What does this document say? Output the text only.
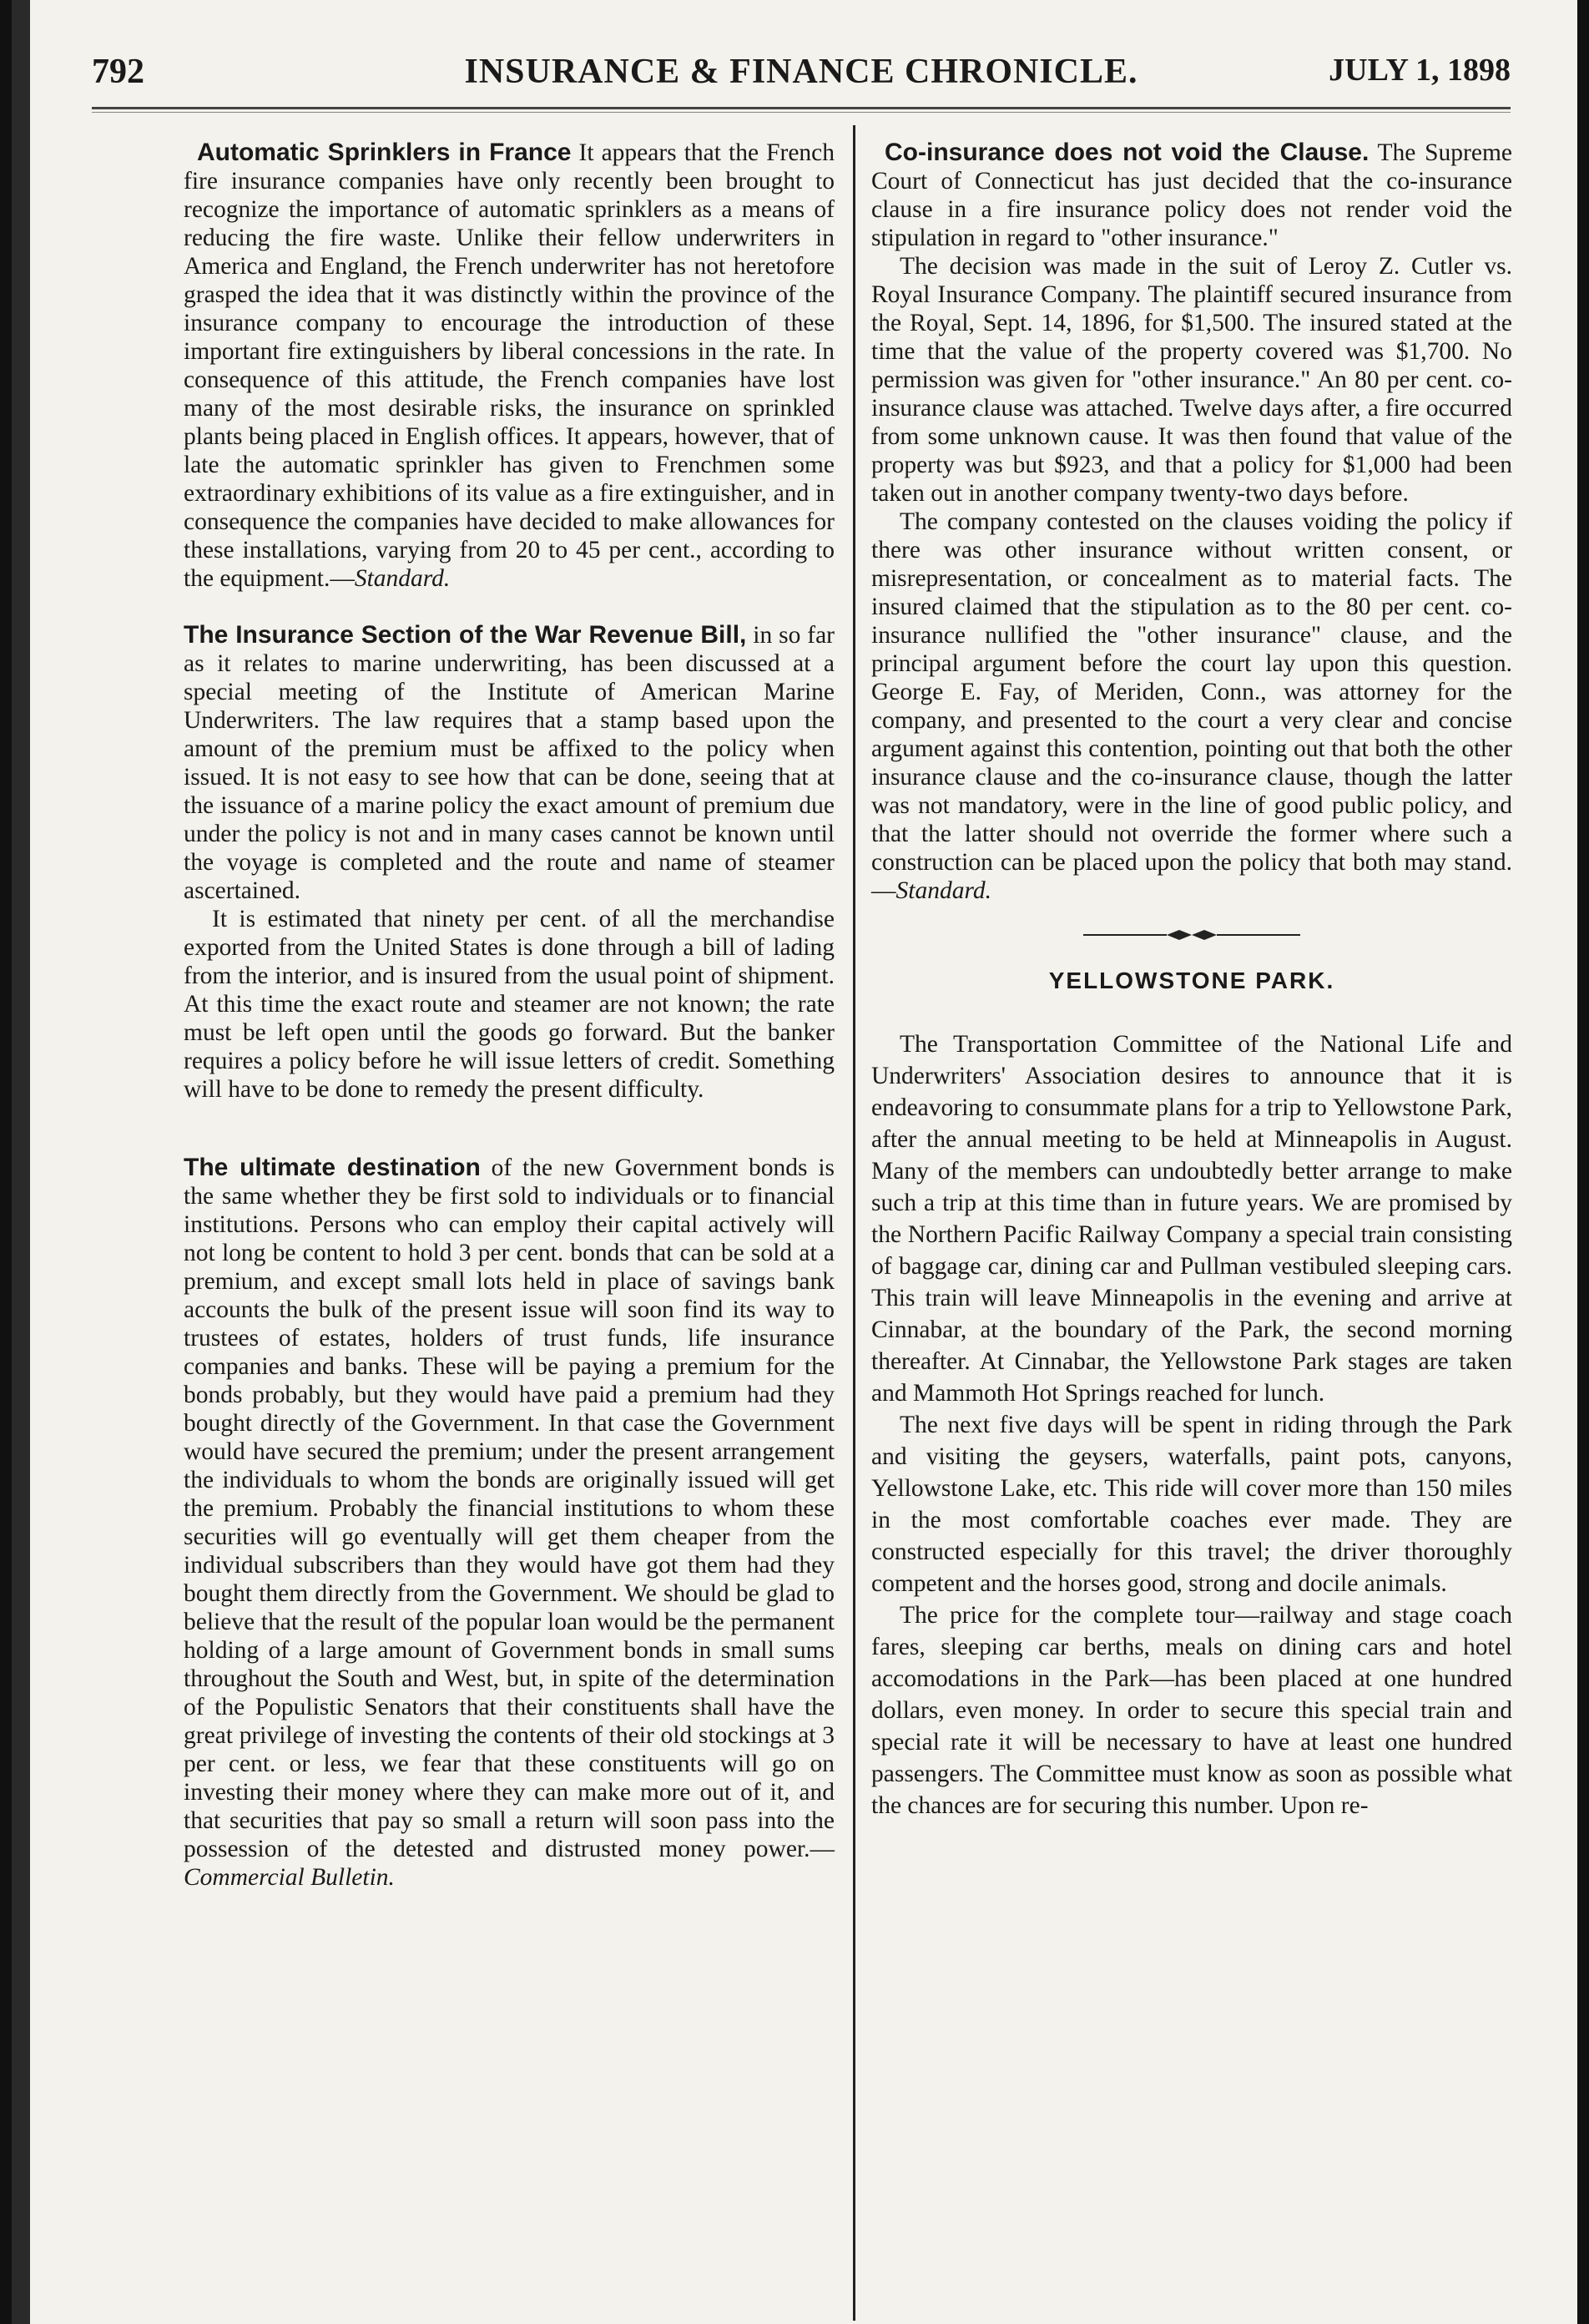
792	INSURANCE & FINANCE CHRONICLE.	JULY 1, 1898

Automatic Sprinklers in France It appears that the French fire insurance companies have only recently been brought to recognize the importance of automatic sprinklers as a means of reducing the fire waste. Unlike their fellow underwriters in America and England, the French underwriter has not heretofore grasped the idea that it was distinctly within the province of the insurance company to encourage the introduction of these important fire extinguishers by liberal concessions in the rate. In consequence of this attitude, the French companies have lost many of the most desirable risks, the insurance on sprinkled plants being placed in English offices. It appears, however, that of late the automatic sprinkler has given to Frenchmen some extraordinary exhibitions of its value as a fire extinguisher, and in consequence the companies have decided to make allowances for these installations, varying from 20 to 45 per cent., according to the equipment.—Standard.

The Insurance Section of the War Revenue Bill, in so far as it relates to marine underwriting, has been discussed at a special meeting of the Institute of American Marine Underwriters. The law requires that a stamp based upon the amount of the premium must be affixed to the policy when issued. It is not easy to see how that can be done, seeing that at the issuance of a marine policy the exact amount of premium due under the policy is not and in many cases cannot be known until the voyage is completed and the route and name of steamer ascertained.

It is estimated that ninety per cent. of all the merchandise exported from the United States is done through a bill of lading from the interior, and is insured from the usual point of shipment. At this time the exact route and steamer are not known; the rate must be left open until the goods go forward. But the banker requires a policy before he will issue letters of credit. Something will have to be done to remedy the present difficulty.

The ultimate destination of the new Government bonds is the same whether they be first sold to individuals or to financial institutions. Persons who can employ their capital actively will not long be content to hold 3 per cent. bonds that can be sold at a premium, and except small lots held in place of savings bank accounts the bulk of the present issue will soon find its way to trustees of estates, holders of trust funds, life insurance companies and banks. These will be paying a premium for the bonds probably, but they would have paid a premium had they bought directly of the Government. In that case the Government would have secured the premium; under the present arrangement the individuals to whom the bonds are originally issued will get the premium. Probably the financial institutions to whom these securities will go eventually will get them cheaper from the individual subscribers than they would have got them had they bought them directly from the Government. We should be glad to believe that the result of the popular loan would be the permanent holding of a large amount of Government bonds in small sums throughout the South and West, but, in spite of the determination of the Populistic Senators that their constituents shall have the great privilege of investing the contents of their old stockings at 3 per cent. or less, we fear that these constituents will go on investing their money where they can make more out of it, and that securities that pay so small a return will soon pass into the possession of the detested and distrusted money power.—Commercial Bulletin.

Co-insurance does not void the Clause. The Supreme Court of Connecticut has just decided that the co-insurance clause in a fire insurance policy does not render void the stipulation in regard to "other insurance."

The decision was made in the suit of Leroy Z. Cutler vs. Royal Insurance Company. The plaintiff secured insurance from the Royal, Sept. 14, 1896, for $1,500. The insured stated at the time that the value of the property covered was $1,700. No permission was given for "other insurance." An 80 per cent. co-insurance clause was attached. Twelve days after, a fire occurred from some unknown cause. It was then found that value of the property was but $923, and that a policy for $1,000 had been taken out in another company twenty-two days before.

The company contested on the clauses voiding the policy if there was other insurance without written consent, or misrepresentation, or concealment as to material facts. The insured claimed that the stipulation as to the 80 per cent. co-insurance nullified the "other insurance" clause, and the principal argument before the court lay upon this question. George E. Fay, of Meriden, Conn., was attorney for the company, and presented to the court a very clear and concise argument against this contention, pointing out that both the other insurance clause and the co-insurance clause, though the latter was not mandatory, were in the line of good public policy, and that the latter should not override the former where such a construction can be placed upon the policy that both may stand.—Standard.

YELLOWSTONE PARK.

The Transportation Committee of the National Life and Underwriters' Association desires to announce that it is endeavoring to consummate plans for a trip to Yellowstone Park, after the annual meeting to be held at Minneapolis in August. Many of the members can undoubtedly better arrange to make such a trip at this time than in future years. We are promised by the Northern Pacific Railway Company a special train consisting of baggage car, dining car and Pullman vestibuled sleeping cars. This train will leave Minneapolis in the evening and arrive at Cinnabar, at the boundary of the Park, the second morning thereafter. At Cinnabar, the Yellowstone Park stages are taken and Mammoth Hot Springs reached for lunch.

The next five days will be spent in riding through the Park and visiting the geysers, waterfalls, paint pots, canyons, Yellowstone Lake, etc. This ride will cover more than 150 miles in the most comfortable coaches ever made. They are constructed especially for this travel; the driver thoroughly competent and the horses good, strong and docile animals.

The price for the complete tour—railway and stage coach fares, sleeping car berths, meals on dining cars and hotel accomodations in the Park—has been placed at one hundred dollars, even money. In order to secure this special train and special rate it will be necessary to have at least one hundred passengers. The Committee must know as soon as possible what the chances are for securing this number. Upon re-
